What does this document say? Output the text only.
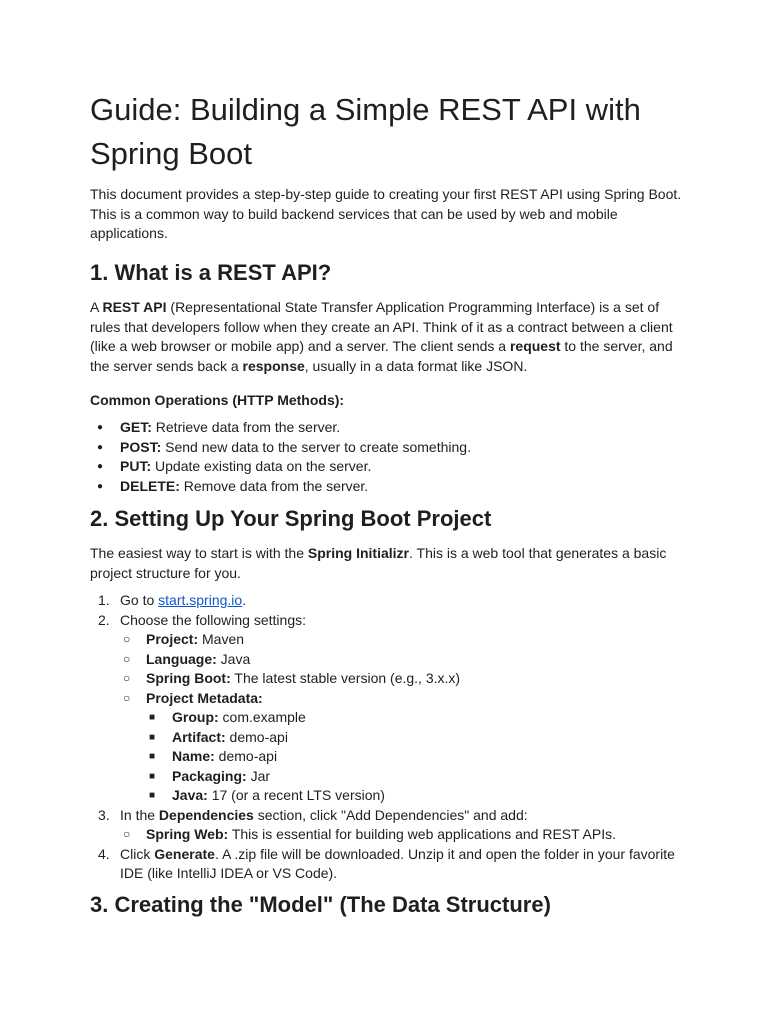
Guide: Building a Simple REST API with Spring Boot

This document provides a step-by-step guide to creating your first REST API using Spring Boot. This is a common way to build backend services that can be used by web and mobile applications.

1. What is a REST API?

A REST API (Representational State Transfer Application Programming Interface) is a set of rules that developers follow when they create an API. Think of it as a contract between a client (like a web browser or mobile app) and a server. The client sends a request to the server, and the server sends back a response, usually in a data format like JSON.

Common Operations (HTTP Methods):
● GET: Retrieve data from the server.
● POST: Send new data to the server to create something.
● PUT: Update existing data on the server.
● DELETE: Remove data from the server.
2. Setting Up Your Spring Boot Project

The easiest way to start is with the Spring Initializr. This is a web tool that generates a basic project structure for you.

1. Go to start.spring.io.
2. Choose the following settings:
○ Project: Maven
○ Language: Java
○ Spring Boot: The latest stable version (e.g., 3.x.x)
○ Project Metadata:
■ Group: com.example
■ Artifact: demo-api
■ Name: demo-api
■ Packaging: Jar
■ Java: 17 (or a recent LTS version)
3. In the Dependencies section, click "Add Dependencies" and add:
○ Spring Web: This is essential for building web applications and REST APIs.
4. Click Generate. A .zip file will be downloaded. Unzip it and open the folder in your favorite IDE (like IntelliJ IDEA or VS Code).
3. Creating the "Model" (The Data Structure)
